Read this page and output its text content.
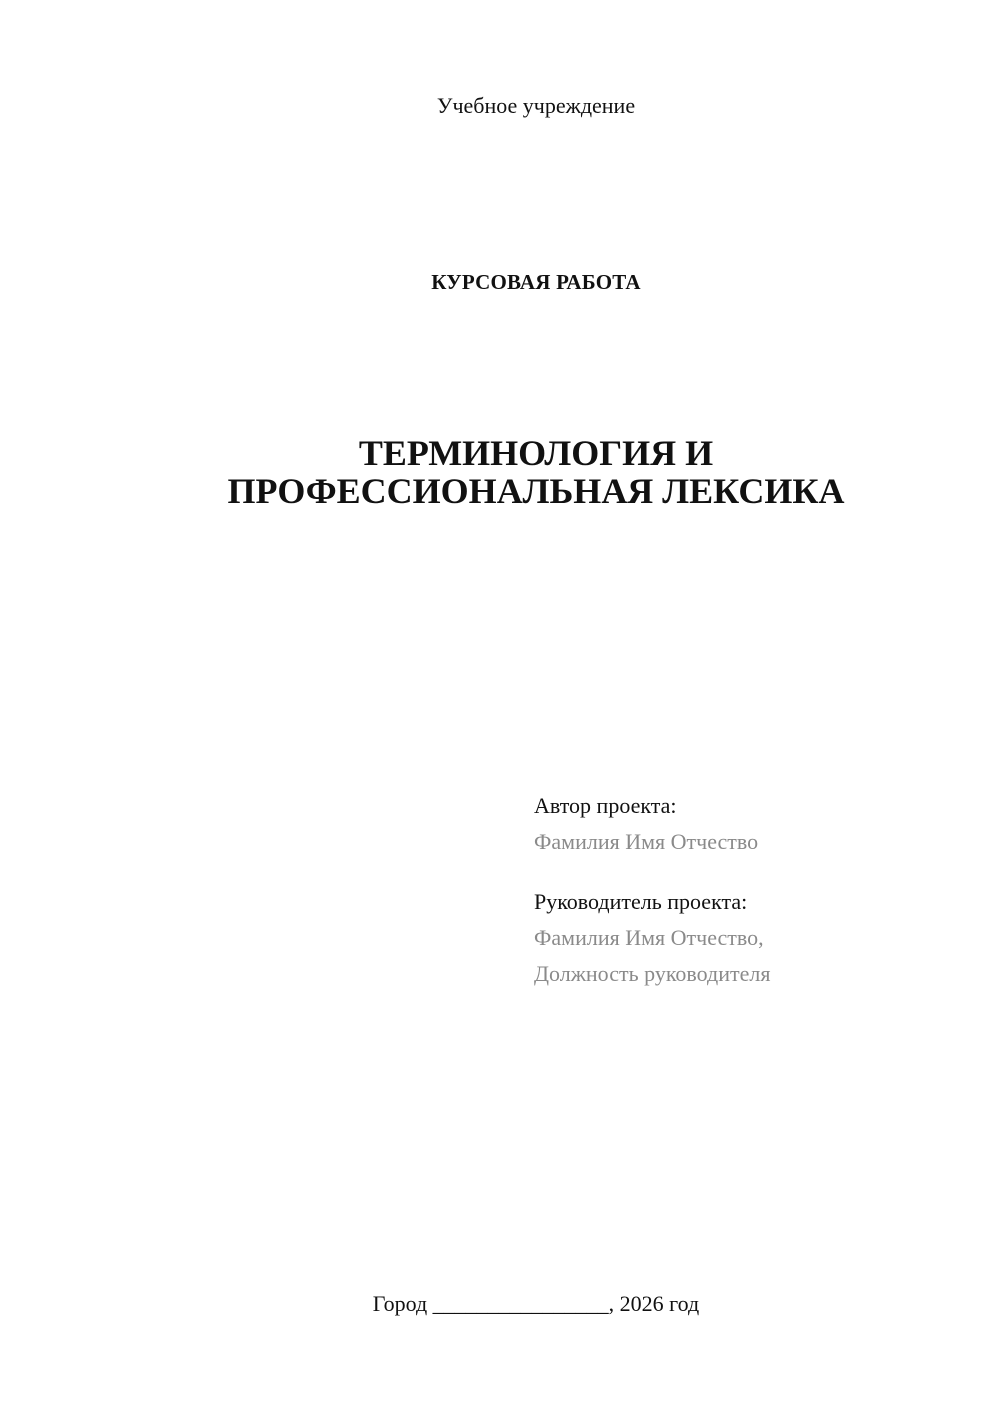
Учебное учреждение
КУРСОВАЯ РАБОТА
ТЕРМИНОЛОГИЯ И
ПРОФЕССИОНАЛЬНАЯ ЛЕКСИКА
Автор проекта:
Фамилия Имя Отчество
Руководитель проекта:
Фамилия Имя Отчество,
Должность руководителя
Город ________________, 2026 год
